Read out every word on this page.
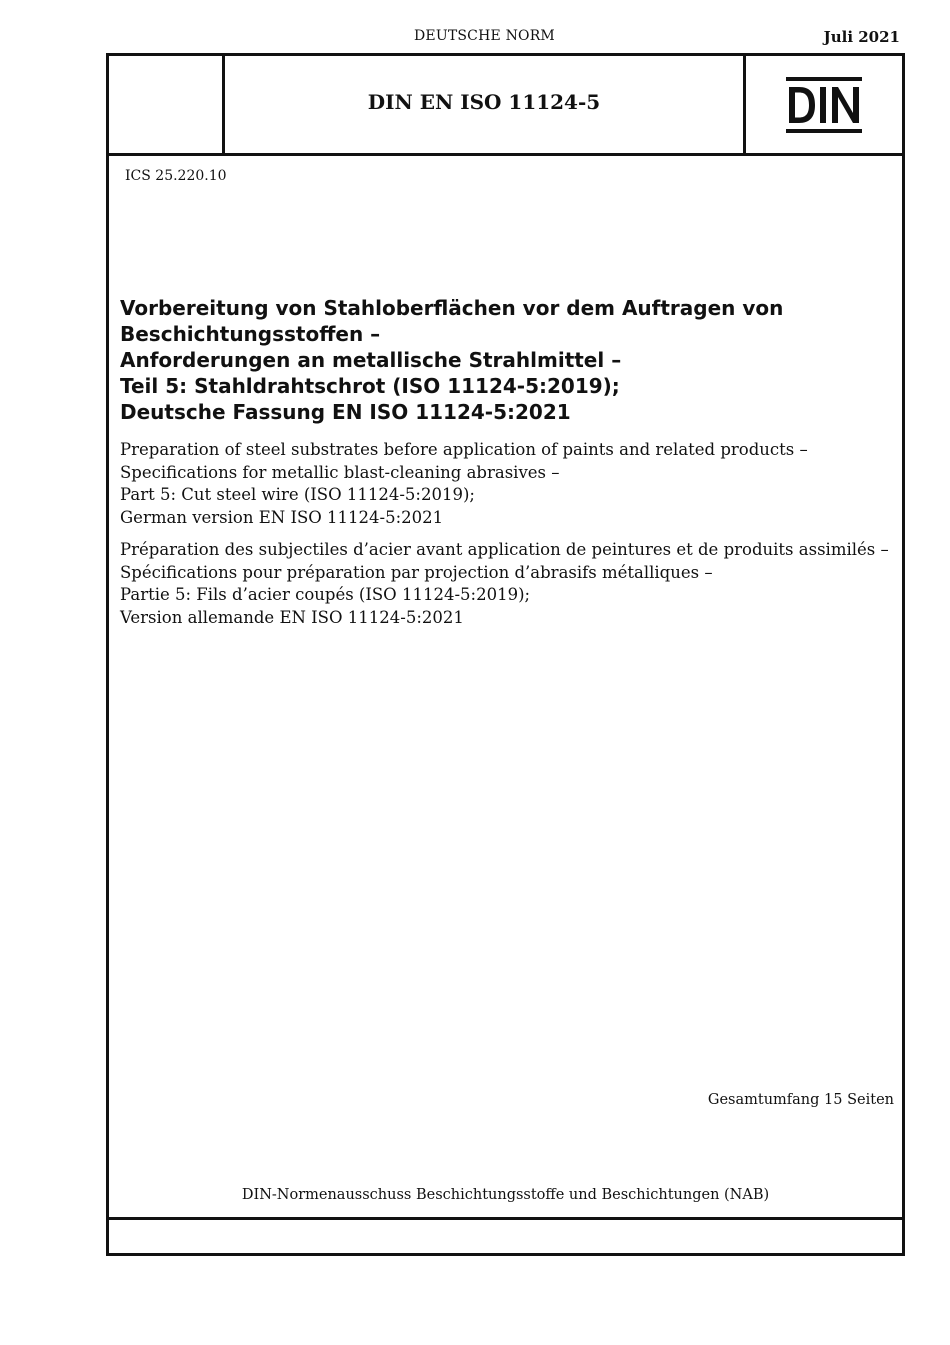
DEUTSCHE NORM	Juli 2021
DIN EN ISO 11124-5
ICS 25.220.10
Vorbereitung von Stahloberflächen vor dem Auftragen von
Beschichtungsstoffen –
Anforderungen an metallische Strahlmittel –
Teil 5: Stahldrahtschrot (ISO 11124-5:2019);
Deutsche Fassung EN ISO 11124-5:2021
Preparation of steel substrates before application of paints and related products –
Specifications for metallic blast-cleaning abrasives –
Part 5: Cut steel wire (ISO 11124-5:2019);
German version EN ISO 11124-5:2021
Préparation des subjectiles d’acier avant application de peintures et de produits assimilés –
Spécifications pour préparation par projection d’abrasifs métalliques –
Partie 5: Fils d’acier coupés (ISO 11124-5:2019);
Version allemande EN ISO 11124-5:2021
Gesamtumfang 15 Seiten
DIN-Normenausschuss Beschichtungsstoffe und Beschichtungen (NAB)
